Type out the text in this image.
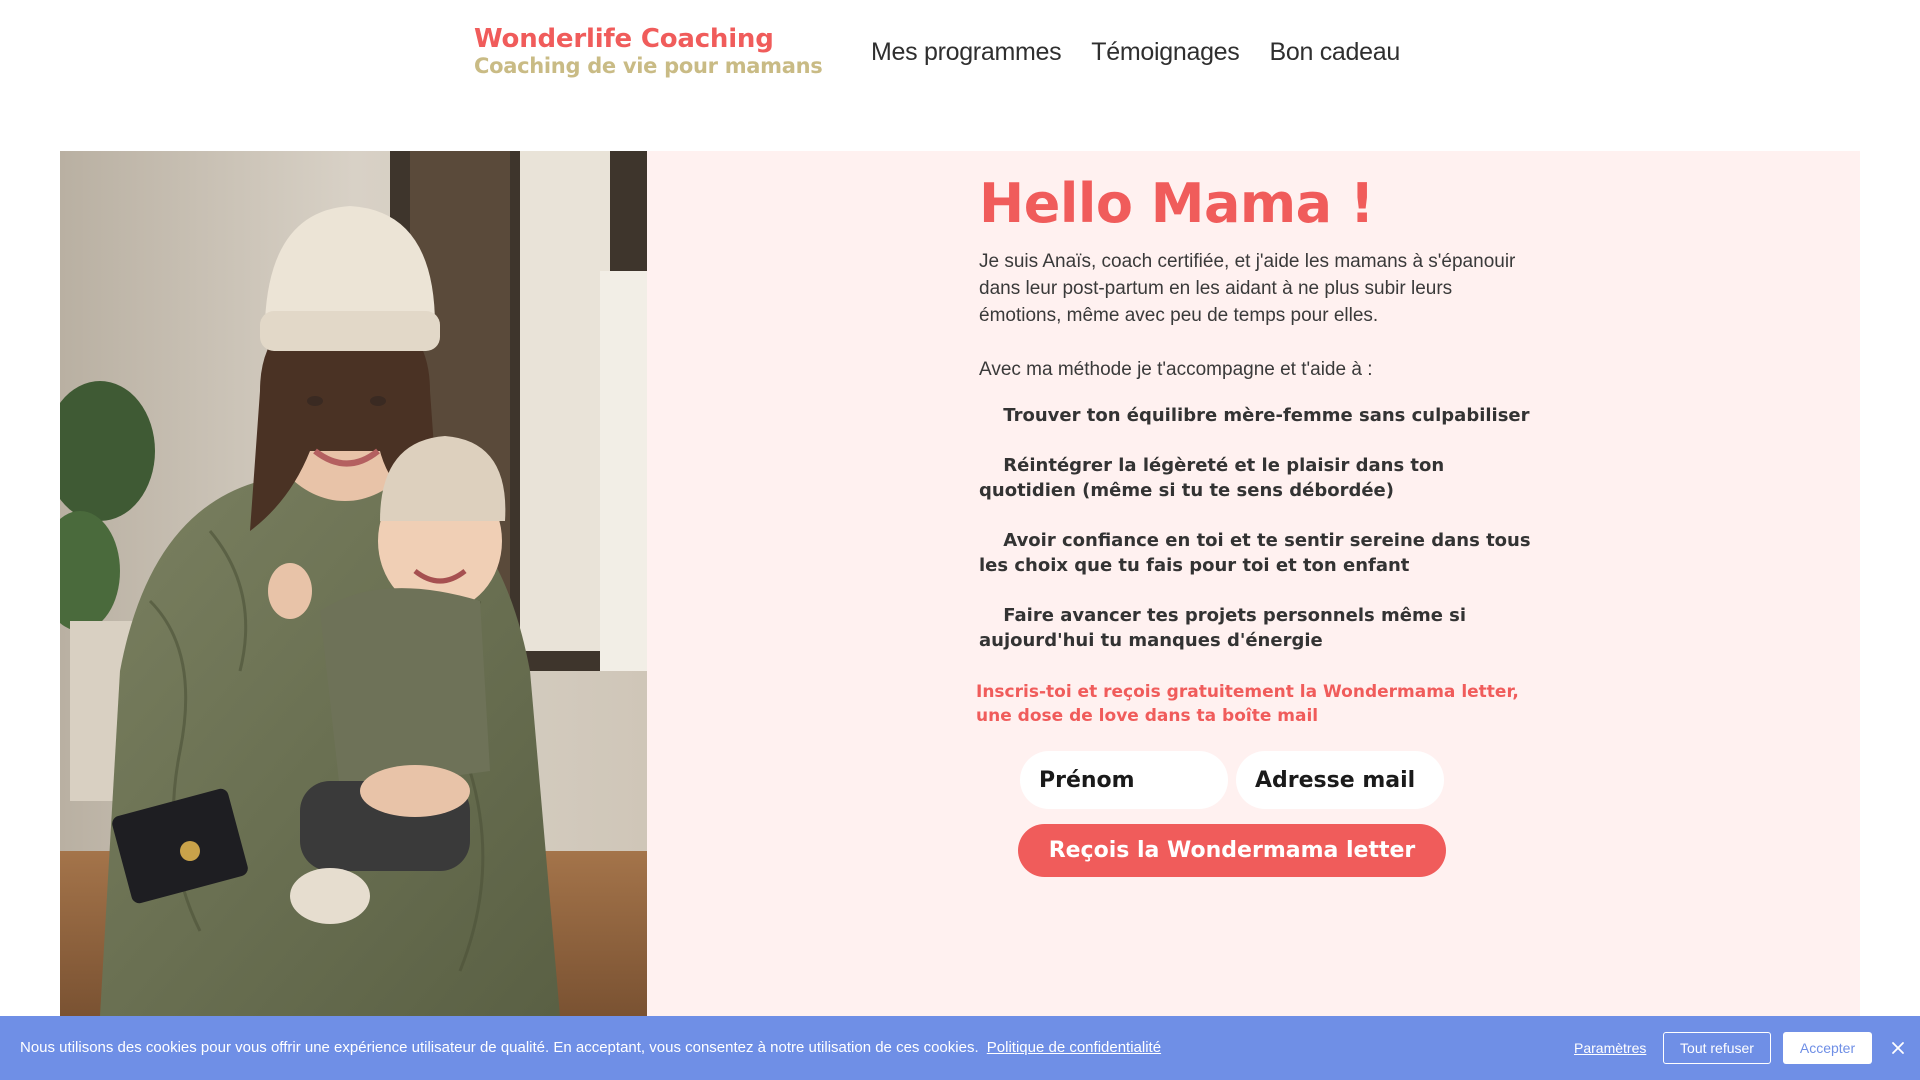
Wonderlife Coaching
Coaching de vie pour mamans Mes programmes Témoignages Bon cadeau
Hello Mama !

Je suis Anaïs, coach certifiée, et j'aide les mamans à s'épanouir dans leur post-partum en les aidant à ne plus subir leurs émotions, même avec peu de temps pour elles.

Avec ma méthode je t'accompagne et t'aide à :

Trouver ton équilibre mère-femme sans culpabiliser
Réintégrer la légèreté et le plaisir dans ton quotidien (même si tu te sens débordée)
Avoir confiance en toi et te sentir sereine dans tous les choix que tu fais pour toi et ton enfant
Faire avancer tes projets personnels même si aujourd'hui tu manques d'énergie

Inscris-toi et reçois gratuitement la Wondermama letter, une dose de love dans ta boîte mail

Prénom
Adresse mail
Reçois la Wondermama letter
Nous utilisons des cookies pour vous offrir une expérience utilisateur de qualité. En acceptant, vous consentez à notre utilisation de ces cookies. Politique de confidentialité	Paramètres	Tout refuser	Accepter
